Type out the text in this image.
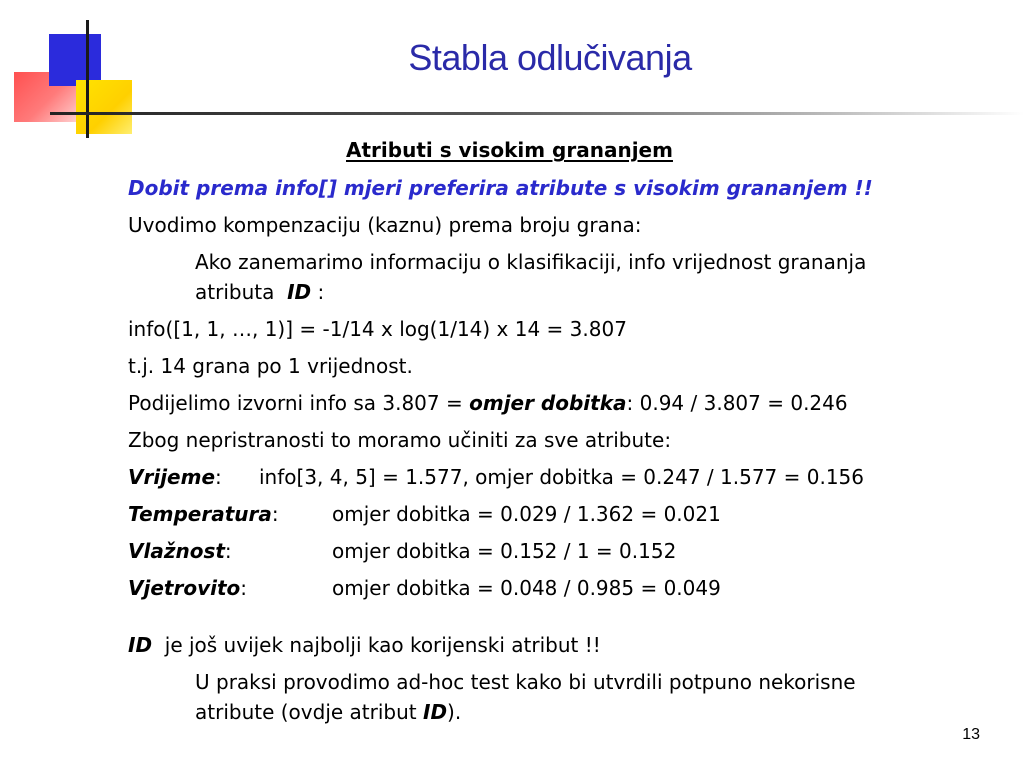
Stabla odlučivanja
Atributi s visokim grananjem
Dobit prema info[] mjeri preferira atribute s visokim grananjem !!
Uvodimo kompenzaciju (kaznu) prema broju grana:
Ako zanemarimo informaciju o klasifikaciji, info vrijednost grananja
atributa ID :
info([1, 1, …, 1)] = -1/14 x log(1/14) x 14 = 3.807
t.j. 14 grana po 1 vrijednost.
Podijelimo izvorni info sa 3.807 = omjer dobitka: 0.94 / 3.807 = 0.246
Zbog nepristranosti to moramo učiniti za sve atribute:
Vrijeme: info[3, 4, 5] = 1.577, omjer dobitka = 0.247 / 1.577 = 0.156
Temperatura:	omjer dobitka = 0.029 / 1.362 = 0.021
Vlažnost:	omjer dobitka = 0.152 / 1 = 0.152
Vjetrovito:	omjer dobitka = 0.048 / 0.985 = 0.049
ID je još uvijek najbolji kao korijenski atribut !!
U praksi provodimo ad-hoc test kako bi utvrdili potpuno nekorisne
atribute (ovdje atribut ID).
13
